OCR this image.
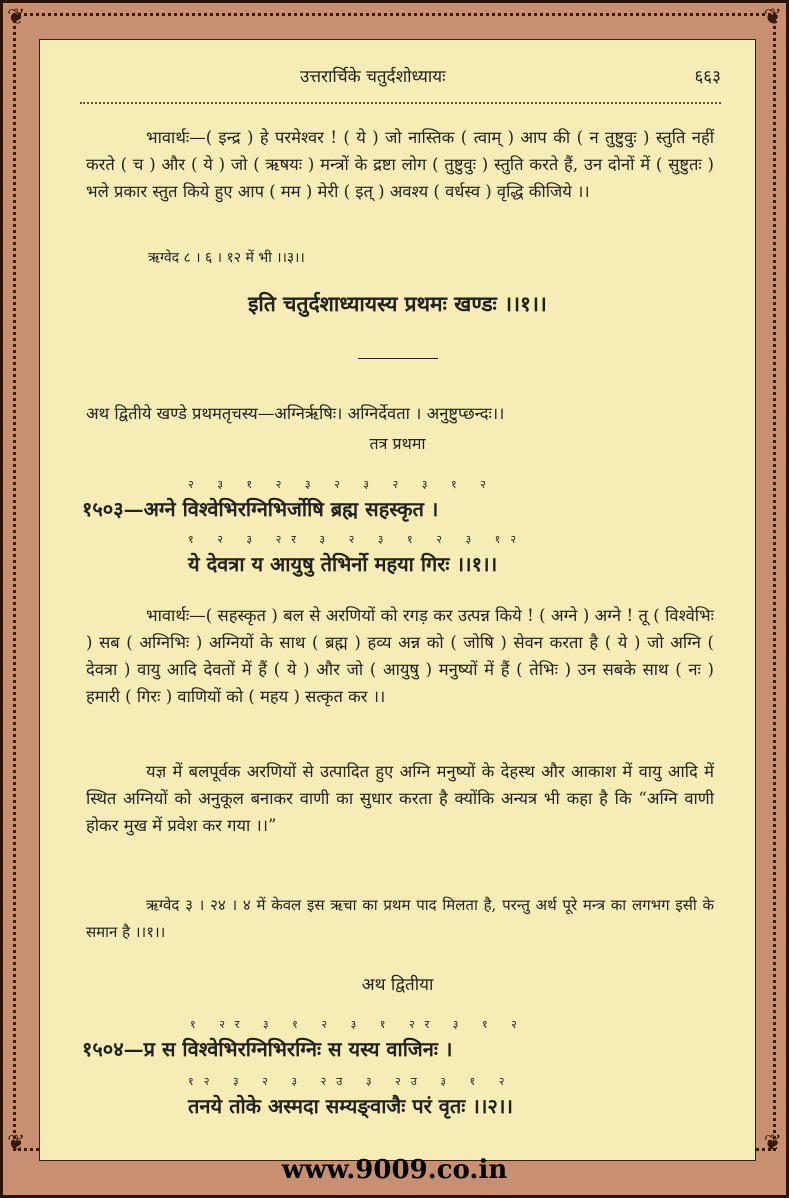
❦	❦
❦	❦
उत्तरार्चिके चतुर्दशोध्यायः	६६३
भावार्थः—( इन्द्र ) हे परमेश्वर ! ( ये ) जो नास्तिक ( त्वाम् ) आप की ( न तुष्टुवुः ) स्तुति नहीं करते ( च ) और ( ये ) जो ( ऋषयः ) मन्त्रों के द्रष्टा लोग ( तुष्टुवुः ) स्तुति करते हैं, उन दोनों में ( सुष्टुतः ) भले प्रकार स्तुत किये हुए आप ( मम ) मेरी ( इत् ) अवश्य ( वर्धस्व ) वृद्धि कीजिये ।।
ऋग्वेद ८ । ६ । १२ में भी ।।३।।
इति चतुर्दशाध्यायस्य प्रथमः खण्डः ।।१।।
अथ द्वितीये खण्डे प्रथमतृचस्य—अग्निर्ऋषिः। अग्निर्देवता । अनुष्टुप्छन्दः।।
तत्र प्रथमा
२ ३ १ २ ३ २ ३ २ ३ १ २
१५०३—अग्ने विश्वेभिरग्निभिर्जोषि ब्रह्म सहस्कृत ।
१ २ ३ २र ३ २ ३ १ २ ३ १२
ये देवत्रा य आयुषु तेभिर्नो महया गिरः ।।१।।
भावार्थः—( सहस्कृत ) बल से अरणियों को रगड़ कर उत्पन्न किये ! ( अग्ने ) अग्ने ! तू ( विश्वेभिः ) सब ( अग्निभिः ) अग्नियों के साथ ( ब्रह्म ) हव्य अन्न को ( जोषि ) सेवन करता है ( ये ) जो अग्नि ( देवत्रा ) वायु आदि देवतों में हैं ( ये ) और जो ( आयुषु ) मनुष्यों में हैं ( तेभिः ) उन सबके साथ ( नः ) हमारी ( गिरः ) वाणियों को ( महय ) सत्कृत कर ।।
यज्ञ में बलपूर्वक अरणियों से उत्पादित हुए अग्नि मनुष्यों के देहस्थ और आकाश में वायु आदि में स्थित अग्नियों को अनुकूल बनाकर वाणी का सुधार करता है क्योंकि अन्यत्र भी कहा है कि “अग्नि वाणी होकर मुख में प्रवेश कर गया ।।”
ऋग्वेद ३ । २४ । ४ में केवल इस ऋचा का प्रथम पाद मिलता है, परन्तु अर्थ पूरे मन्त्र का लगभग इसी के समान है ।।१।।
अथ द्वितीया
१ २र ३ १ २ ३ १ २र ३ १ २
१५०४—प्र स विश्वेभिरग्निभिरग्निः स यस्य वाजिनः ।
१२ ३ २ ३ २उ ३ २उ ३ १ २
तनये तोके अस्मदा सम्यङ्वाजैः परं वृतः ।।२।।
www.9009.co.in
